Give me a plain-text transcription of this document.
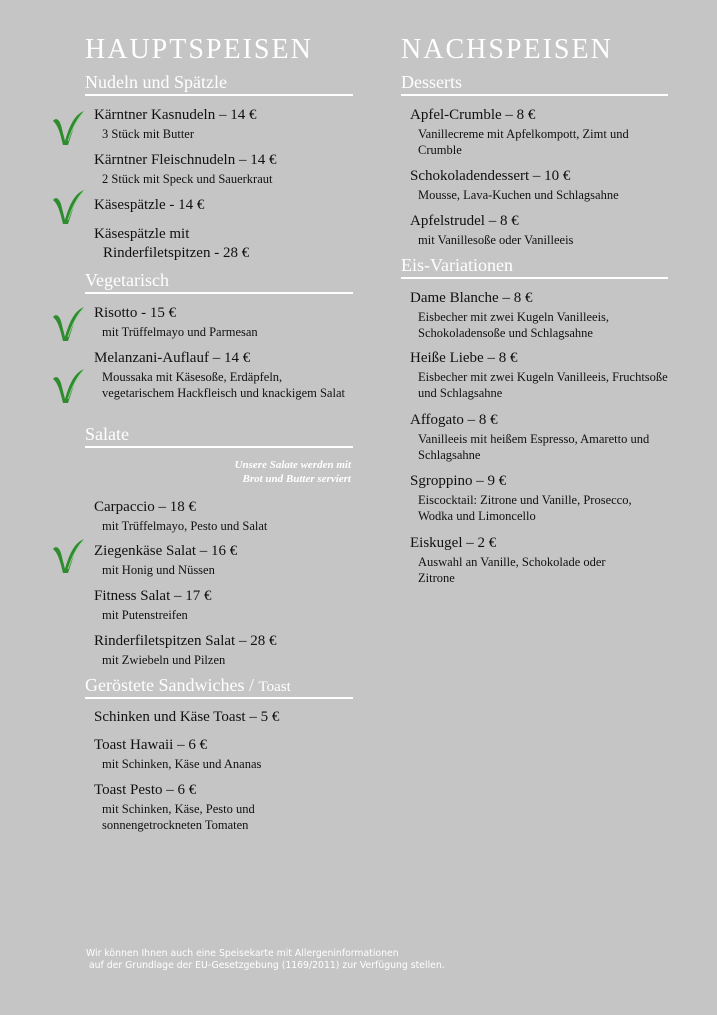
HAUPTSPEISEN
Nudeln und Spätzle
Kärntner Kasnudeln – 14 €
3 Stück mit Butter
Kärntner Fleischnudeln – 14 €
2 Stück mit Speck und Sauerkraut
Käsespätzle - 14 €
Käsespätzle mit
Rinderfiletspitzen - 28 €
Vegetarisch
Risotto - 15 €
mit Trüffelmayo und Parmesan
Melanzani-Auflauf – 14 €
Moussaka mit Käsesoße, Erdäpfeln, vegetarischem Hackfleisch und knackigem Salat
Salate
Unsere Salate werden mit
Brot und Butter serviert
Carpaccio – 18 €
mit Trüffelmayo, Pesto und Salat
Ziegenkäse Salat – 16 €
mit Honig und Nüssen
Fitness Salat – 17 €
mit Putenstreifen
Rinderfiletspitzen Salat – 28 €
mit Zwiebeln und Pilzen
Geröstete Sandwiches / Toast
Schinken und Käse Toast – 5 €
Toast Hawaii – 6 €
mit Schinken, Käse und Ananas
Toast Pesto – 6 €
mit Schinken, Käse, Pesto und sonnengetrockneten Tomaten
NACHSPEISEN
Desserts
Apfel-Crumble – 8 €
Vanillecreme mit Apfelkompott, Zimt und Crumble
Schokoladendessert – 10 €
Mousse, Lava-Kuchen und Schlagsahne
Apfelstrudel – 8 €
mit Vanillesoße oder Vanilleeis
Eis-Variationen
Dame Blanche – 8 €
Eisbecher mit zwei Kugeln Vanilleeis, Schokoladensoße und Schlagsahne
Heiße Liebe – 8 €
Eisbecher mit zwei Kugeln Vanilleeis, Fruchtsoße und Schlagsahne
Affogato – 8 €
Vanilleeis mit heißem Espresso, Amaretto und Schlagsahne
Sgroppino – 9 €
Eiscocktail: Zitrone und Vanille, Prosecco, Wodka und Limoncello
Eiskugel – 2 €
Auswahl an Vanille, Schokolade oder Zitrone
Wir können Ihnen auch eine Speisekarte mit Allergeninformationen
auf der Grundlage der EU-Gesetzgebung (1169/2011) zur Verfügung stellen.
